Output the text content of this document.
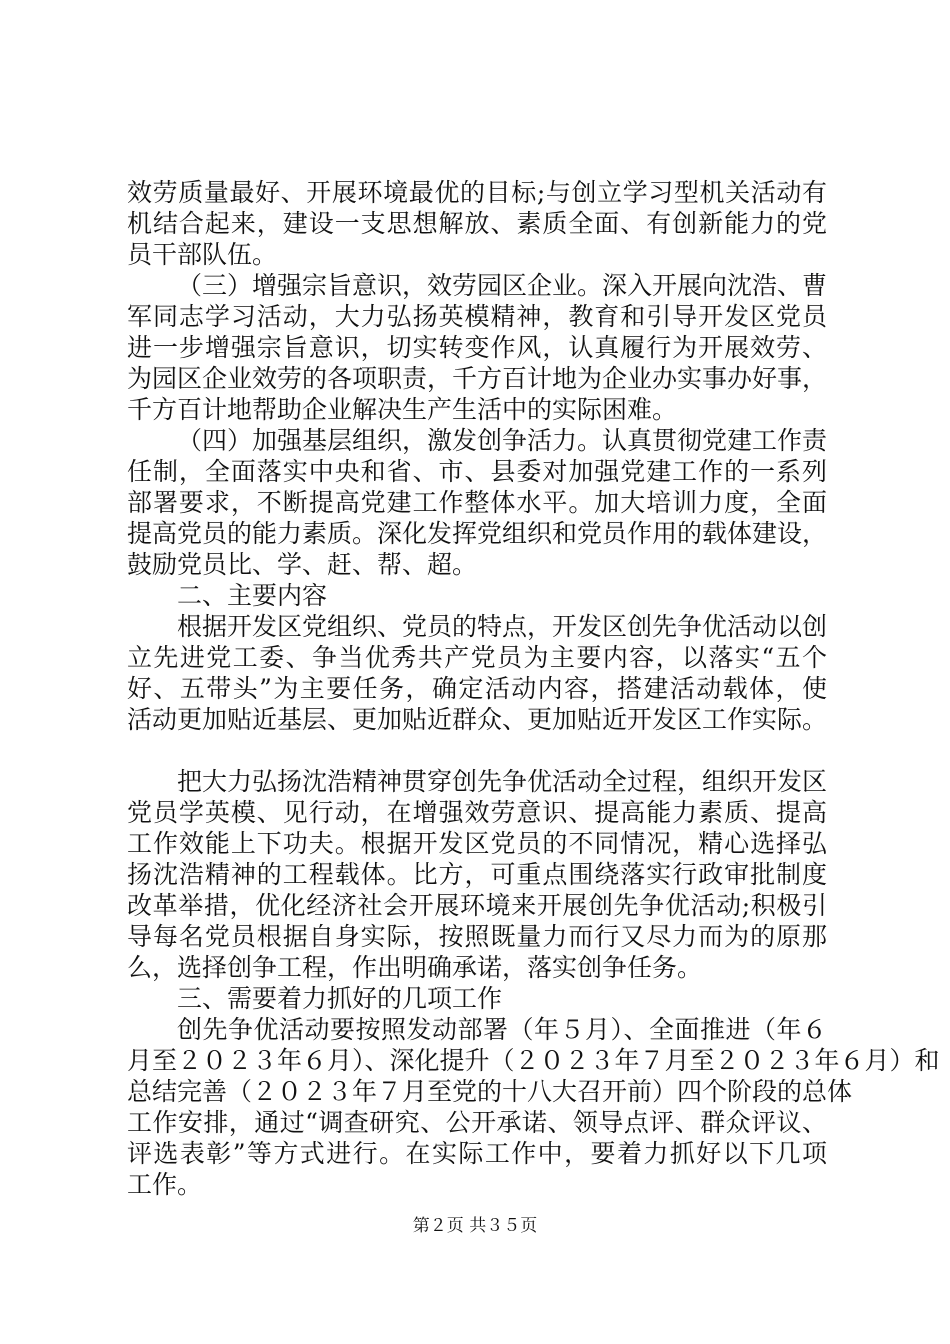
效劳质量最好、开展环境最优的目标;与创立学习型机关活动有
机结合起来，建设一支思想解放、素质全面、有创新能力的党
员干部队伍。
（三）增强宗旨意识，效劳园区企业。深入开展向沈浩、曹
军同志学习活动，大力弘扬英模精神，教育和引导开发区党员
进一步增强宗旨意识，切实转变作风，认真履行为开展效劳、
为园区企业效劳的各项职责，千方百计地为企业办实事办好事，
千方百计地帮助企业解决生产生活中的实际困难。
（四）加强基层组织，激发创争活力。认真贯彻党建工作责
任制，全面落实中央和省、市、县委对加强党建工作的一系列
部署要求，不断提高党建工作整体水平。加大培训力度，全面
提高党员的能力素质。深化发挥党组织和党员作用的载体建设，
鼓励党员比、学、赶、帮、超。
二、主要内容
根据开发区党组织、党员的特点，开发区创先争优活动以创
立先进党工委、争当优秀共产党员为主要内容，以落实“五个
好、五带头”为主要任务，确定活动内容，搭建活动载体，使
活动更加贴近基层、更加贴近群众、更加贴近开发区工作实际。
把大力弘扬沈浩精神贯穿创先争优活动全过程，组织开发区
党员学英模、见行动，在增强效劳意识、提高能力素质、提高
工作效能上下功夫。根据开发区党员的不同情况，精心选择弘
扬沈浩精神的工程载体。比方，可重点围绕落实行政审批制度
改革举措，优化经济社会开展环境来开展创先争优活动;积极引
导每名党员根据自身实际，按照既量力而行又尽力而为的原那
么，选择创争工程，作出明确承诺，落实创争任务。
三、需要着力抓好的几项工作
创先争优活动要按照发动部署（年５月）、全面推进（年６
月至２０２３年６月）、深化提升（２０２３年７月至２０２３年６月）和
总结完善（２０２３年７月至党的十八大召开前）四个阶段的总体
工作安排，通过“调查研究、公开承诺、领导点评、群众评议、
评选表彰”等方式进行。在实际工作中，要着力抓好以下几项
工作。
第２页 共３５页
